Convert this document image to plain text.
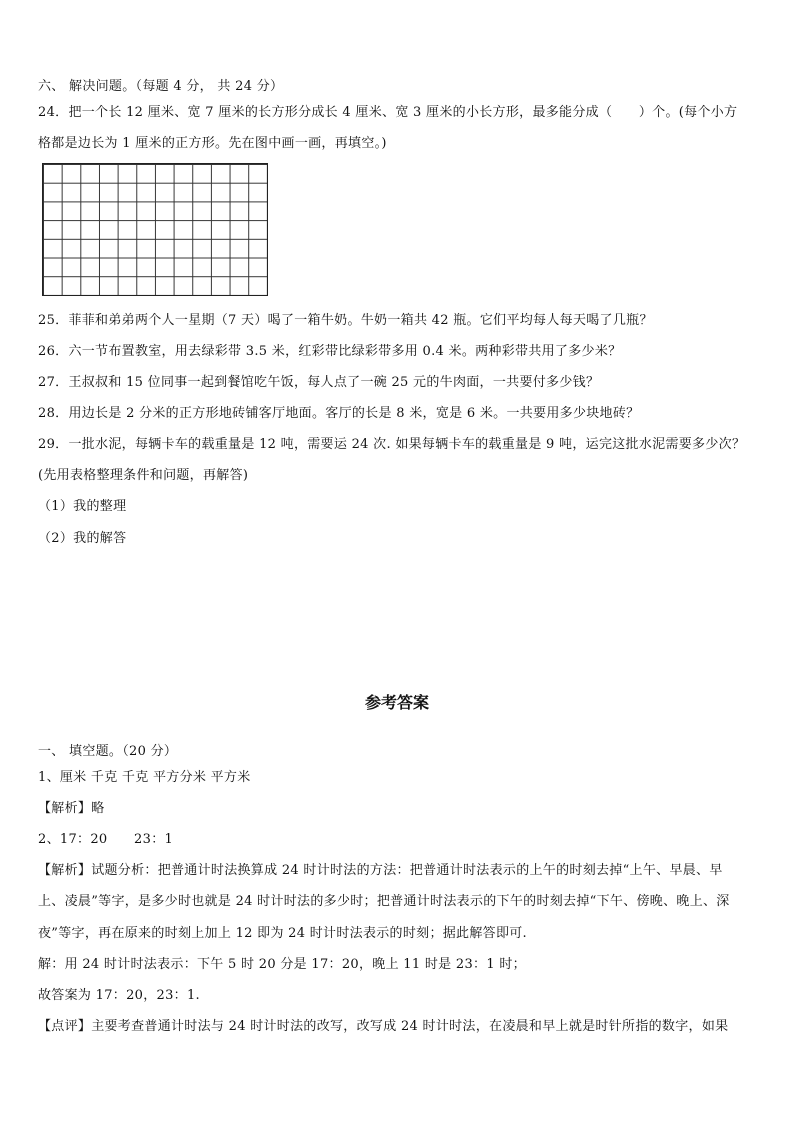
六、 解决问题。（每题 4 分， 共 24 分）
24．把一个长 12 厘米、宽 7 厘米的长方形分成长 4 厘米、宽 3 厘米的小长方形，最多能分成（　　）个。(每个小方
格都是边长为 1 厘米的正方形。先在图中画一画，再填空。)
25．菲菲和弟弟两个人一星期（7 天）喝了一箱牛奶。牛奶一箱共 42 瓶。它们平均每人每天喝了几瓶？
26．六一节布置教室，用去绿彩带 3.5 米，红彩带比绿彩带多用 0.4 米。两种彩带共用了多少米？
27．王叔叔和 15 位同事一起到餐馆吃午饭，每人点了一碗 25 元的牛肉面，一共要付多少钱？
28．用边长是 2 分米的正方形地砖铺客厅地面。客厅的长是 8 米，宽是 6 米。一共要用多少块地砖？
29．一批水泥，每辆卡车的载重量是 12 吨，需要运 24 次. 如果每辆卡车的载重量是 9 吨，运完这批水泥需要多少次？
(先用表格整理条件和问题，再解答)
（1）我的整理
（2）我的解答
参考答案
一、 填空题。（20 分）
1、厘米 千克 千克 平方分米 平方米
【解析】略
2、17：20　　23：1
【解析】试题分析：把普通计时法换算成 24 时计时法的方法：把普通计时法表示的上午的时刻去掉“上午、早晨、早
上、凌晨”等字，是多少时也就是 24 时计时法的多少时；把普通计时法表示的下午的时刻去掉“下午、傍晚、晚上、深
夜”等字，再在原来的时刻上加上 12 即为 24 时计时法表示的时刻；据此解答即可.
解：用 24 时计时法表示：下午 5 时 20 分是 17：20，晚上 11 时是 23：1 时；
故答案为 17：20，23：1.
【点评】主要考查普通计时法与 24 时计时法的改写，改写成 24 时计时法，在凌晨和早上就是时针所指的数字，如果
